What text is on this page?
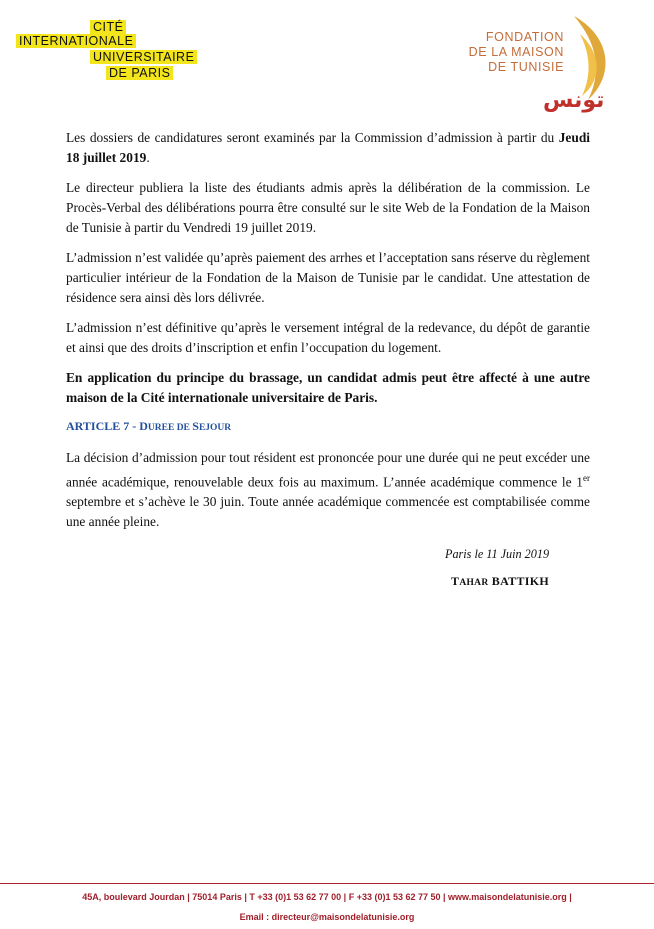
CITÉ
INTERNATIONALE
UNIVERSITAIRE
DE PARIS
FONDATION
DE LA MAISON
DE TUNISIE
تونس

Les dossiers de candidatures seront examinés par la Commission d’admission à partir du Jeudi 18 juillet 2019.

Le directeur publiera la liste des étudiants admis après la délibération de la commission. Le Procès-Verbal des délibérations pourra être consulté sur le site Web de la Fondation de la Maison de Tunisie à partir du Vendredi 19 juillet 2019.

L’admission n’est validée qu’après paiement des arrhes et l’acceptation sans réserve du règlement particulier intérieur de la Fondation de la Maison de Tunisie par le candidat. Une attestation de résidence sera ainsi dès lors délivrée.

L’admission n’est définitive qu’après le versement intégral de la redevance, du dépôt de garantie et ainsi que des droits d’inscription et enfin l’occupation du logement.

En application du principe du brassage, un candidat admis peut être affecté à une autre maison de la Cité internationale universitaire de Paris.

ARTICLE 7 - DUREE DE SEJOUR

La décision d’admission pour tout résident est prononcée pour une durée qui ne peut excéder une année académique, renouvelable deux fois au maximum. L’année académique commence le 1er septembre et s’achève le 30 juin. Toute année académique commencée est comptabilisée comme une année pleine.

Paris le 11 Juin 2019
TAHAR BATTIKH
45A, boulevard Jourdan | 75014 Paris | T +33 (0)1 53 62 77 00 | F +33 (0)1 53 62 77 50 | www.maisondelatunisie.org |
Email : directeur@maisondelatunisie.org
